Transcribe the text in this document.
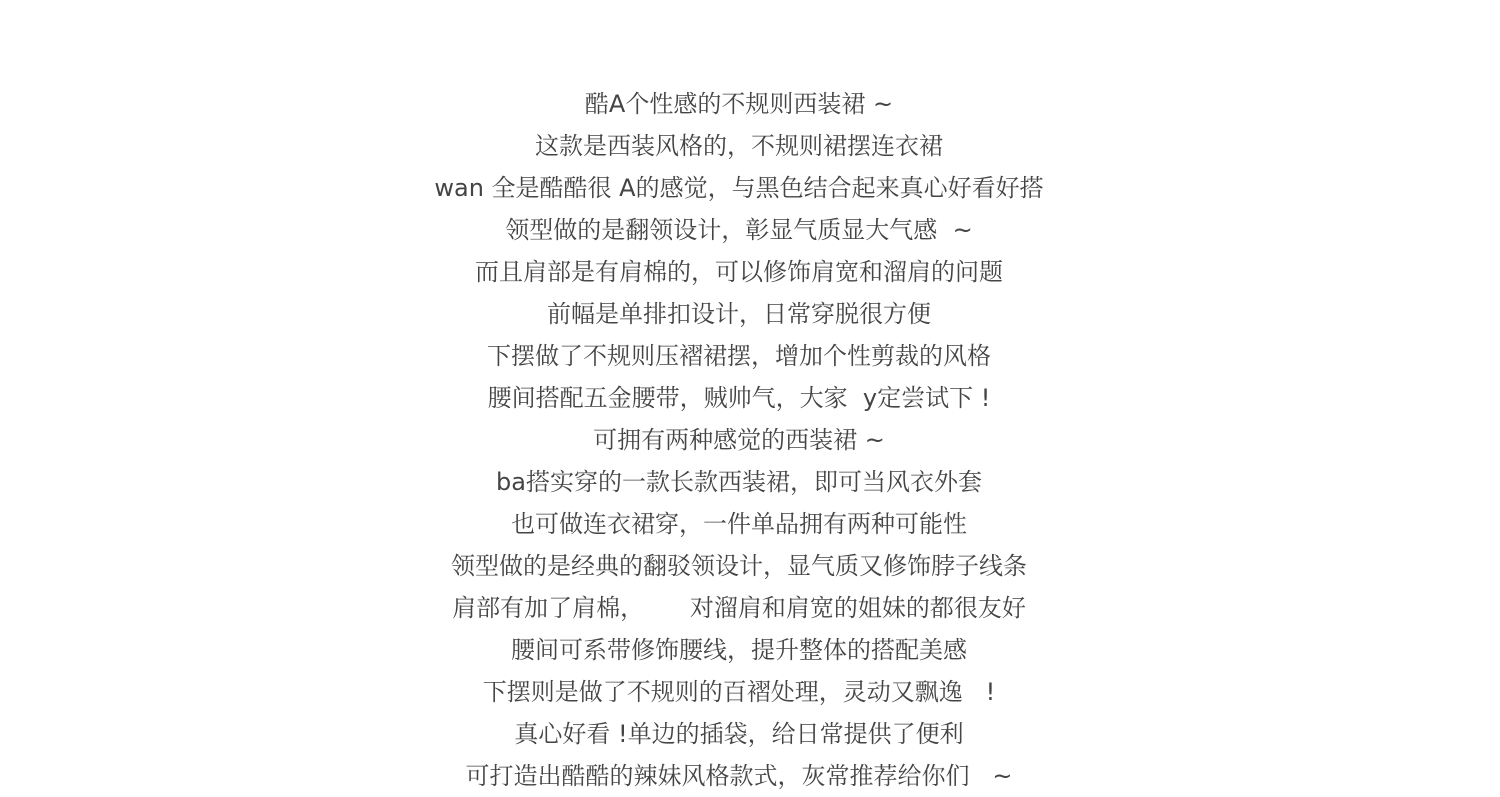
酷A个性感的不规则西装裙 ~
这款是西装风格的，不规则裙摆连衣裙
wan 全是酷酷很 A的感觉，与黑色结合起来真心好看好搭
领型做的是翻领设计，彰显气质显大气感  ~
而且肩部是有肩棉的，可以修饰肩宽和溜肩的问题
前幅是单排扣设计，日常穿脱很方便
下摆做了不规则压褶裙摆，增加个性剪裁的风格
腰间搭配五金腰带，贼帅气，大家  y定尝试下 !
可拥有两种感觉的西装裙 ~
ba搭实穿的一款长款西装裙，即可当风衣外套
也可做连衣裙穿，一件单品拥有两种可能性
领型做的是经典的翻驳领设计，显气质又修饰脖子线条
肩部有加了肩棉，      对溜肩和肩宽的姐妹的都很友好
腰间可系带修饰腰线，提升整体的搭配美感
下摆则是做了不规则的百褶处理，灵动又飘逸   !
真心好看 !单边的插袋，给日常提供了便利
可打造出酷酷的辣妹风格款式，灰常推荐给你们   ~
